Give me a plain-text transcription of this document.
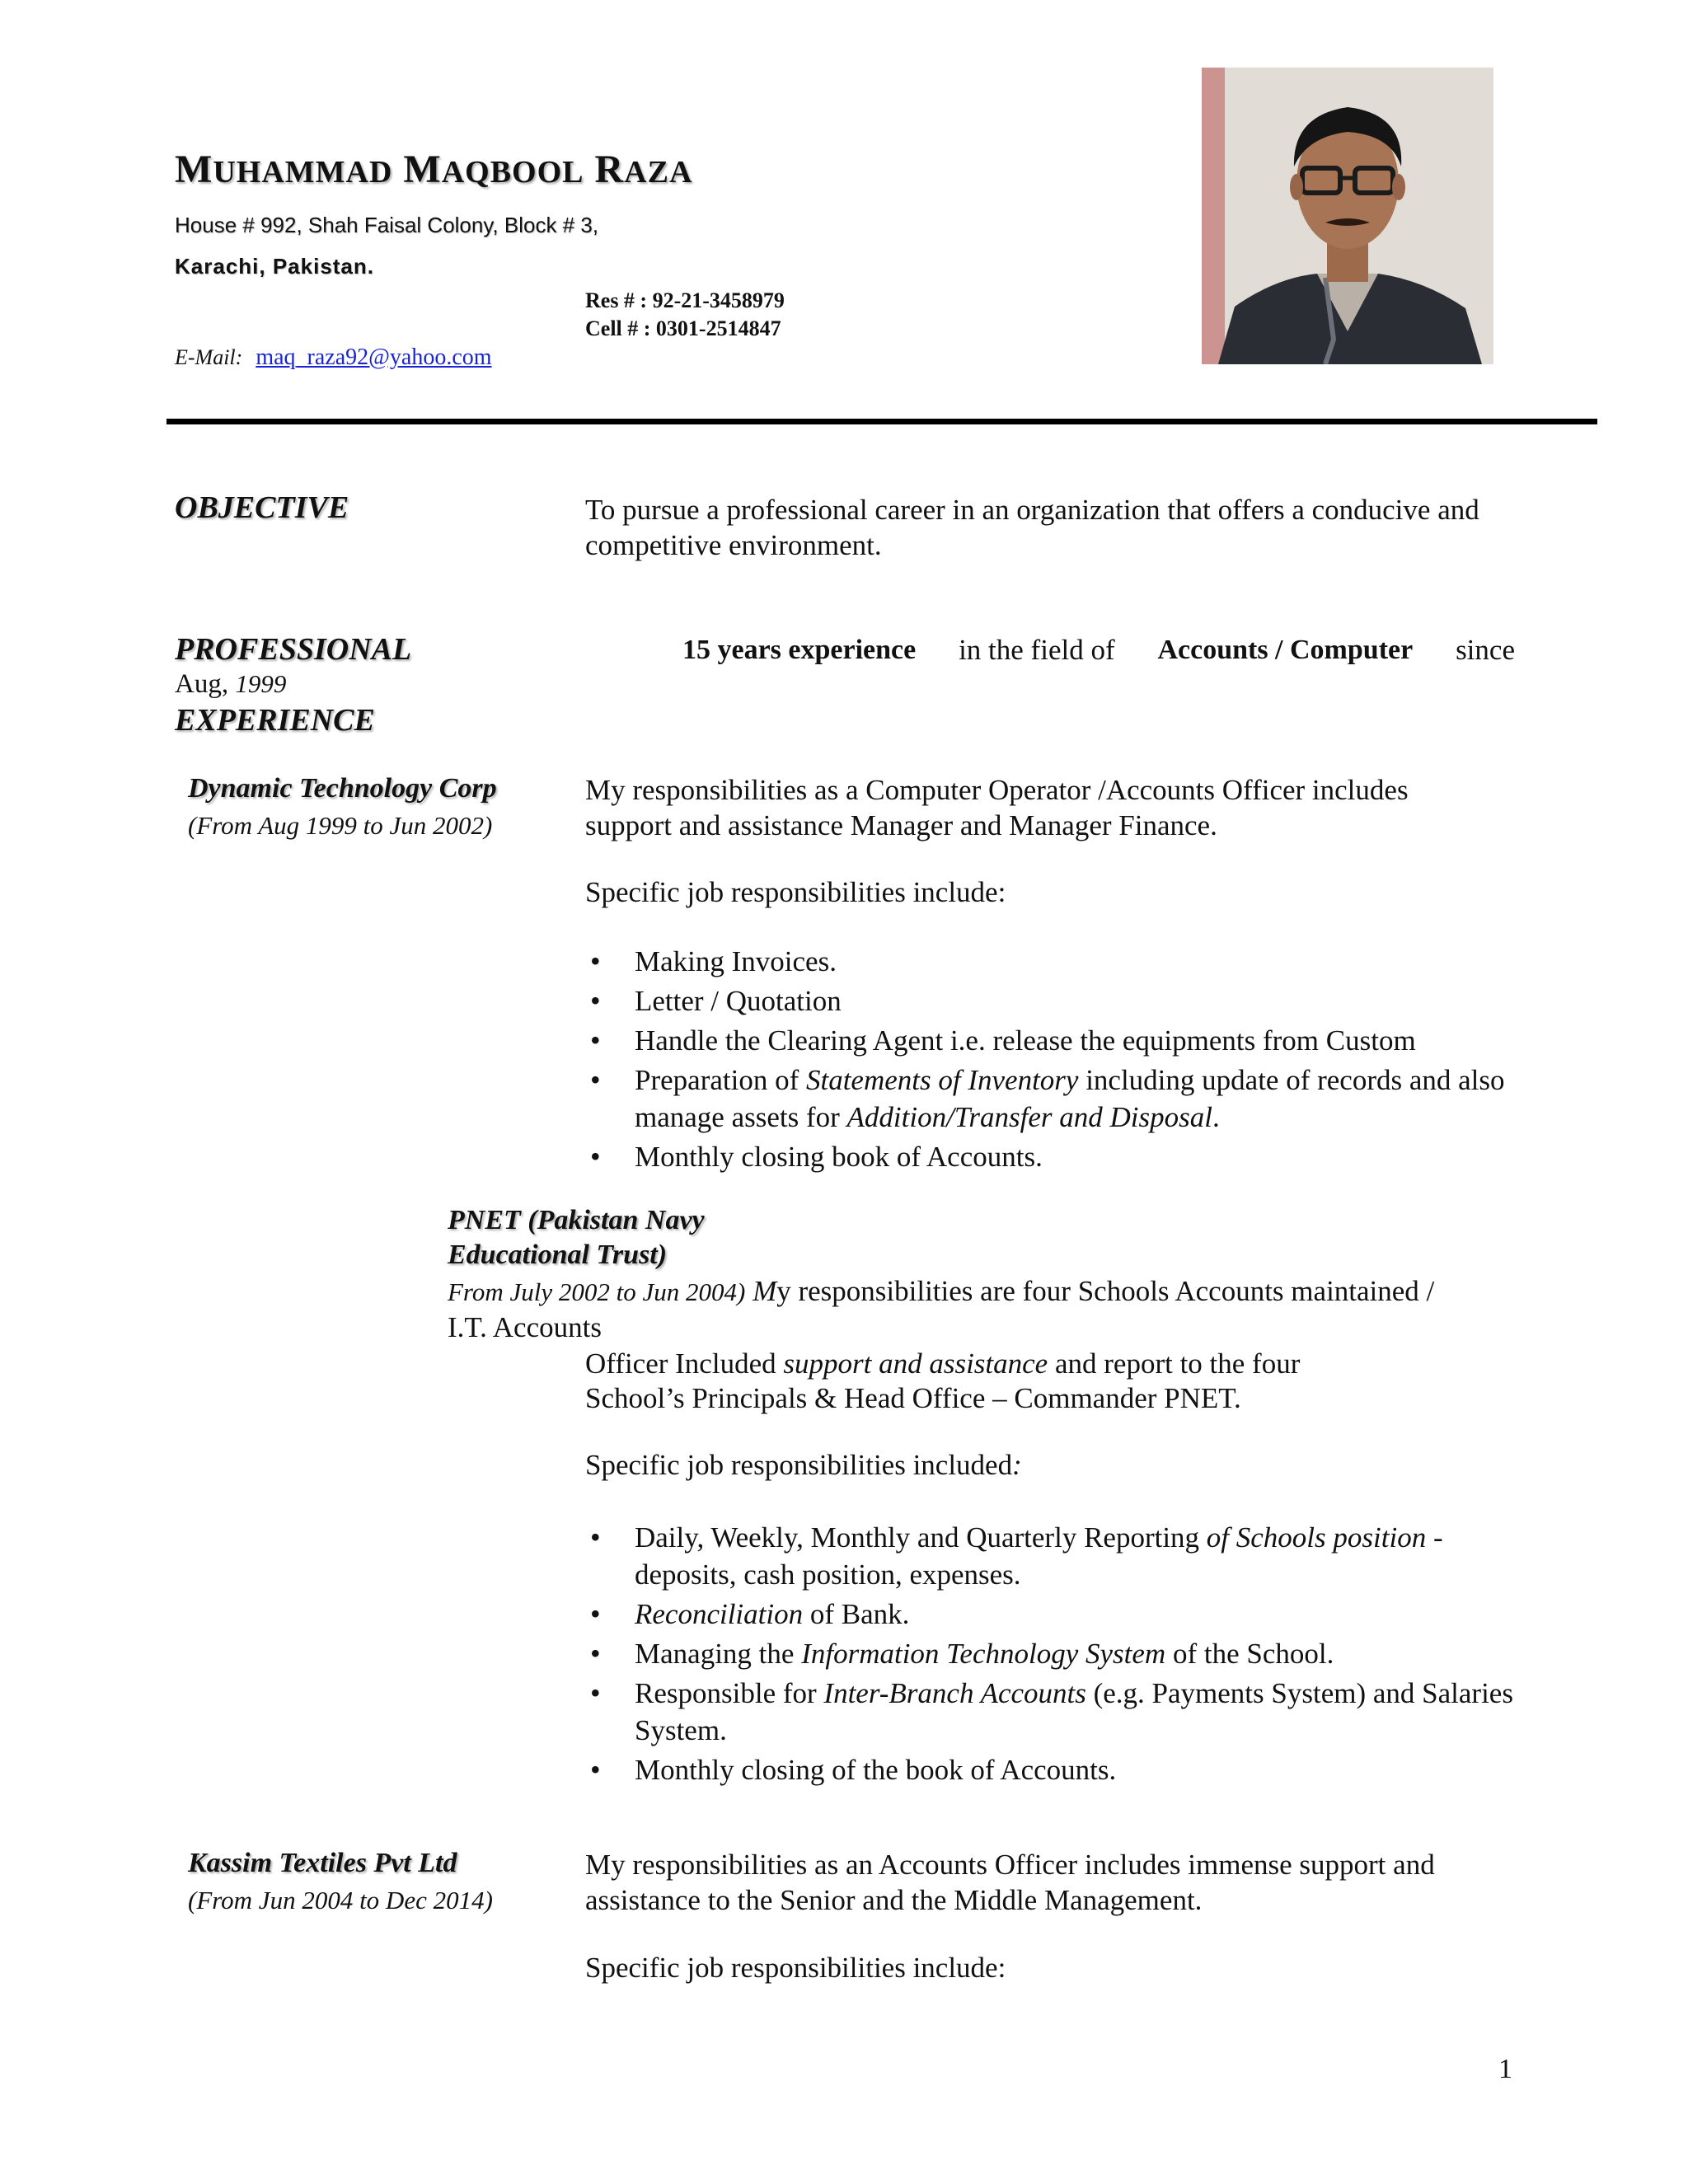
MUHAMMAD MAQBOOL RAZA
House # 992, Shah Faisal Colony, Block # 3,
Karachi, Pakistan.
Res # : 92-21-3458979
Cell # : 0301-2514847
E-Mail: maq_raza92@yahoo.com
OBJECTIVE	To pursue a professional career in an organization that offers a conducive and competitive environment.
PROFESSIONAL	15 years experience in the field of Accounts / Computer since
Aug, 1999
EXPERIENCE
Dynamic Technology Corp
(From Aug 1999 to Jun 2002)
My responsibilities as a Computer Operator /Accounts Officer includes support and assistance Manager and Manager Finance.
Specific job responsibilities include:
• Making Invoices.
• Letter / Quotation
• Handle the Clearing Agent i.e. release the equipments from Custom
• Preparation of Statements of Inventory including update of records and also manage assets for Addition/Transfer and Disposal.
• Monthly closing book of Accounts.
PNET (Pakistan Navy
Educational Trust)
From July 2002 to Jun 2004) My responsibilities are four Schools Accounts maintained /
I.T. Accounts
Officer Included support and assistance and report to the four
School’s Principals & Head Office – Commander PNET.
Specific job responsibilities included:
• Daily, Weekly, Monthly and Quarterly Reporting of Schools position - deposits, cash position, expenses.
• Reconciliation of Bank.
• Managing the Information Technology System of the School.
• Responsible for Inter-Branch Accounts (e.g. Payments System) and Salaries System.
• Monthly closing of the book of Accounts.
Kassim Textiles Pvt Ltd
(From Jun 2004 to Dec 2014)
My responsibilities as an Accounts Officer includes immense support and assistance to the Senior and the Middle Management.
Specific job responsibilities include:
1
